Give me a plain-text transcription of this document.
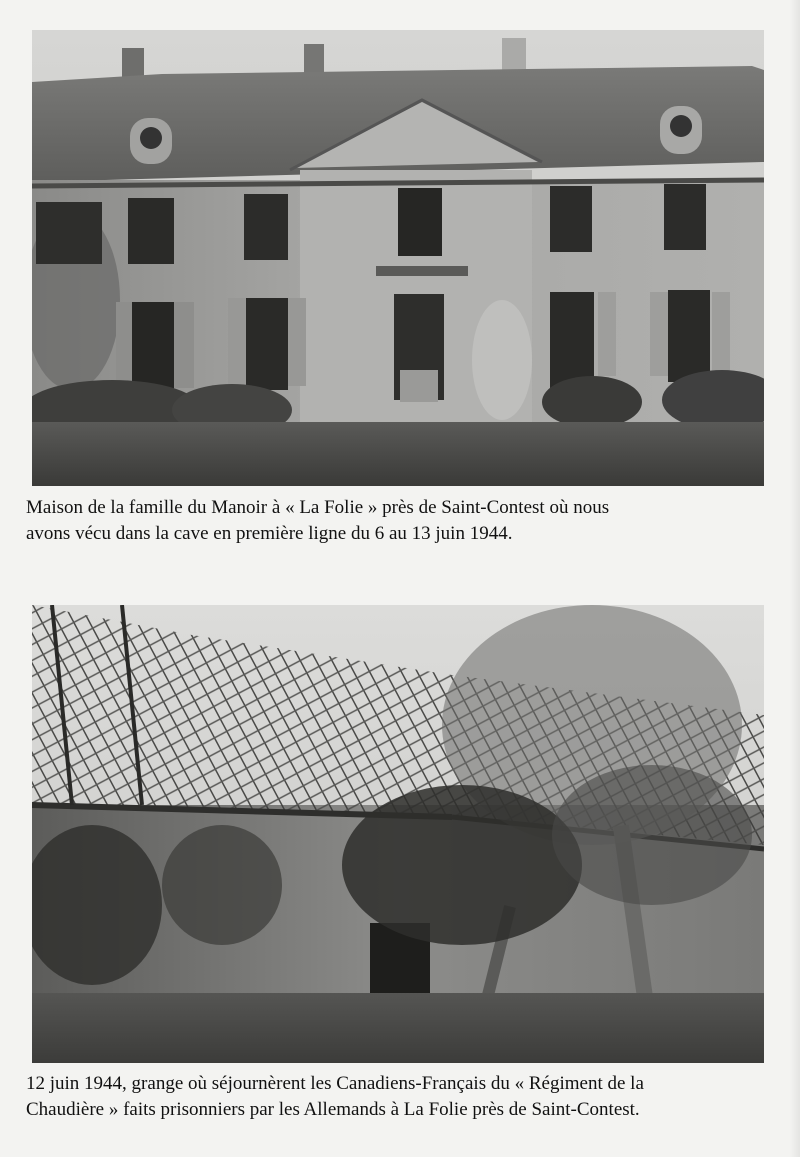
Maison de la famille du Manoir à « La Folie » près de Saint-Contest où nous
avons vécu dans la cave en première ligne du 6 au 13 juin 1944.
12 juin 1944, grange où séjournèrent les Canadiens-Français du « Régiment de la
Chaudière » faits prisonniers par les Allemands à La Folie près de Saint-Contest.
